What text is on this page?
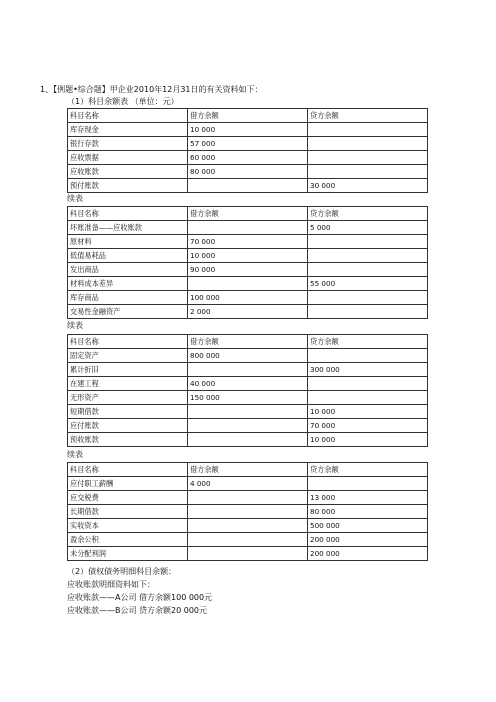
1、【例题•综合题】甲企业2010年12月31日的有关资料如下：
（1）科目余额表 （单位：元）
科目名称	借方余额	贷方余额
库存现金	10 000	
银行存款	57 000	
应收票据	60 000	
应收账款	80 000	
预付账款		30 000
续表
科目名称	借方余额	贷方余额
坏账准备——应收账款		5 000
原材料	70 000	
低值易耗品	10 000	
发出商品	90 000	
材料成本差异		55 000
库存商品	100 000	
交易性金融资产	2 000	
续表
科目名称	借方余额	贷方余额
固定资产	800 000	
累计折旧		300 000
在建工程	40 000	
无形资产	150 000	
短期借款		10 000
应付账款		70 000
预收账款		10 000
续表
科目名称	借方余额	贷方余额
应付职工薪酬	4 000	
应交税费		13 000
长期借款		80 000
实收资本		500 000
盈余公积		200 000
未分配利润		200 000
（2）债权债务明细科目余额：
应收账款明细资料如下：
应收账款——A公司 借方余额100 000元
应收账款——B公司 贷方余额20 000元
